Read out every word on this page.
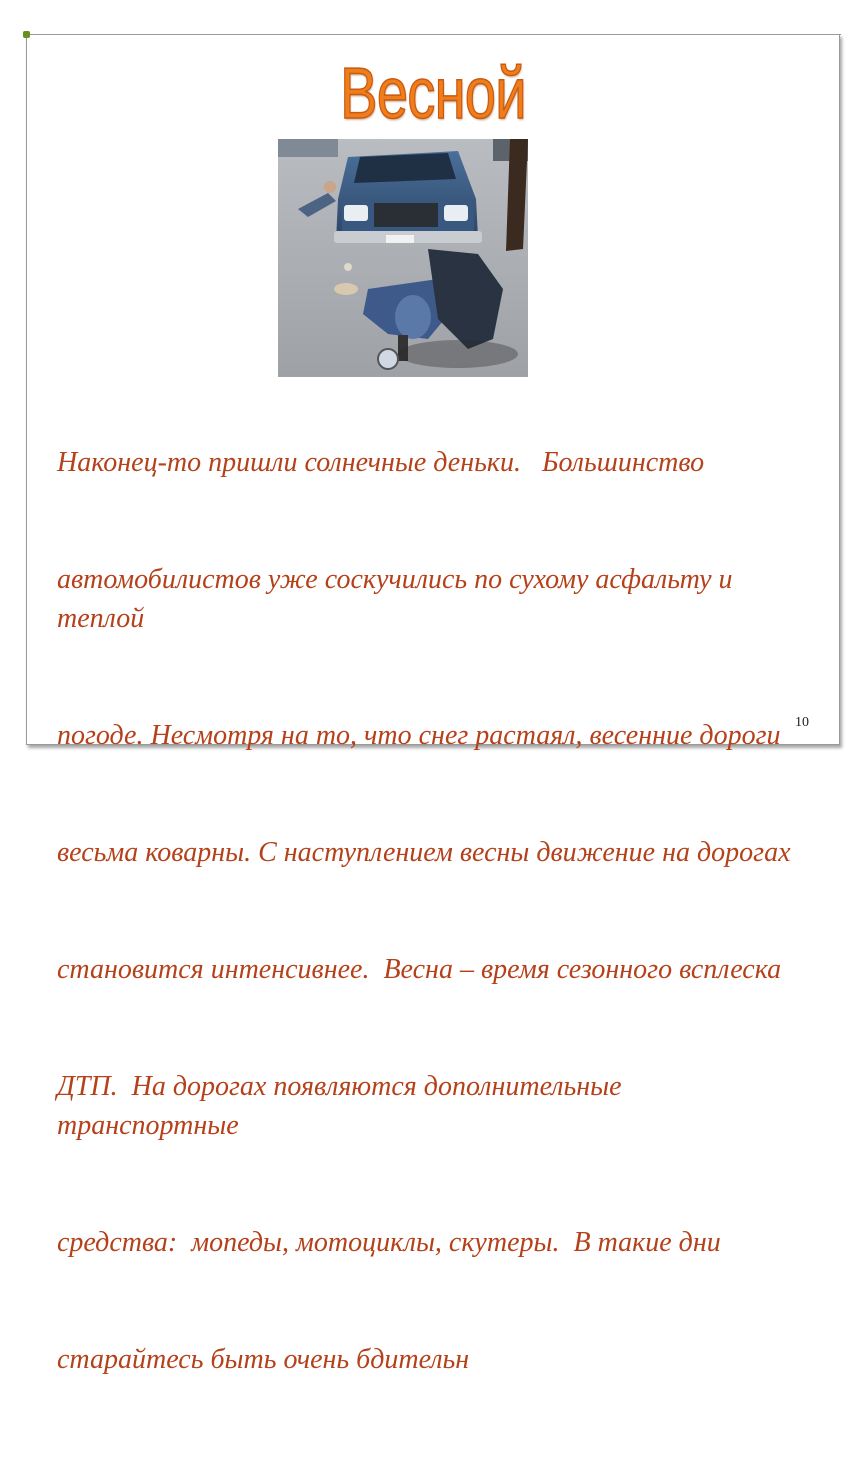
Весной

Наконец-то пришли солнечные деньки.   Большинство

автомобилистов уже соскучились по сухому асфальту и теплой

погоде. Несмотря на то, что снег растаял, весенние дороги

весьма коварны. С наступлением весны движение на дорогах

становится интенсивнее.  Весна – время сезонного всплеска

ДТП.  На дорогах появляются дополнительные   транспортные

средства:  мопеды, мотоциклы, скутеры.  В такие дни

старайтесь быть очень бдительн

10
